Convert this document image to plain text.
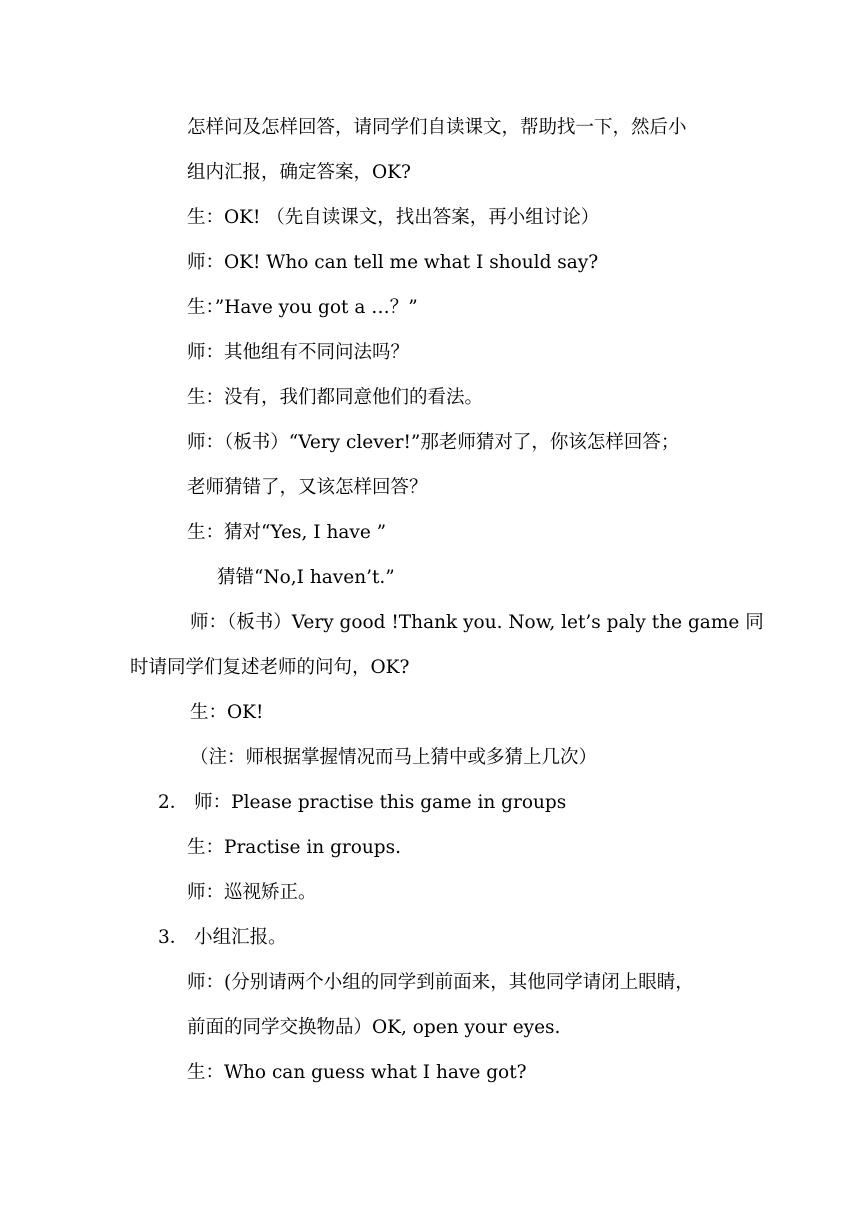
怎样问及怎样回答，请同学们自读课文，帮助找一下，然后小
组内汇报，确定答案，OK?
生：OK! （先自读课文，找出答案，再小组讨论）
师：OK! Who can tell me what I should say?
生：”Have you got a …？”
师：其他组有不同问法吗？
生：没有，我们都同意他们的看法。
师：（板书）“Very clever!”那老师猜对了，你该怎样回答；
老师猜错了，又该怎样回答？
生：猜对“Yes, I have ”
猜错“No,I haven’t.”
师：（板书）Very good !Thank you. Now, let’s paly the game 同
时请同学们复述老师的问句，OK?
生：OK!
（注：师根据掌握情况而马上猜中或多猜上几次）
2． 师：Please practise this game in groups
生：Practise in groups.
师：巡视矫正。
3． 小组汇报。
师：(分别请两个小组的同学到前面来，其他同学请闭上眼睛，
前面的同学交换物品）OK, open your eyes.
生：Who can guess what I have got?
